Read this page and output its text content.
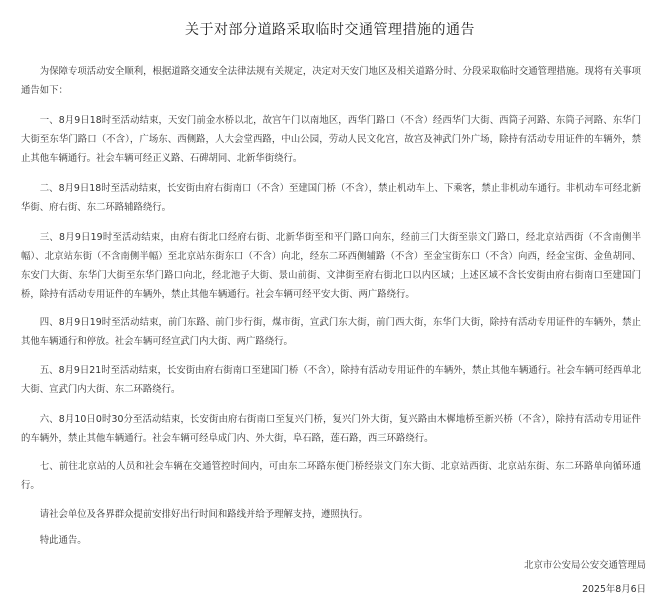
关于对部分道路采取临时交通管理措施的通告

为保障专项活动安全顺利，根据道路交通安全法律法规有关规定，决定对天安门地区及相关道路分时、分段采取临时交通管理措施。现将有关事项通告如下：

一、8月9日18时至活动结束，天安门前金水桥以北，故宫午门以南地区，西华门路口（不含）经西华门大街、西筒子河路、东筒子河路、东华门大街至东华门路口（不含），广场东、西侧路，人大会堂西路，中山公园，劳动人民文化宫，故宫及神武门外广场，除持有活动专用证件的车辆外，禁止其他车辆通行。社会车辆可经正义路、石碑胡同、北新华街绕行。

二、8月9日18时至活动结束，长安街由府右街南口（不含）至建国门桥（不含），禁止机动车上、下乘客，禁止非机动车通行。非机动车可经北新华街、府右街、东二环路辅路绕行。

三、8月9日19时至活动结束，由府右街北口经府右街、北新华街至和平门路口向东，经前三门大街至崇文门路口，经北京站西街（不含南侧半幅）、北京站东街（不含南侧半幅）至北京站东街东口（不含）向北，经东二环西侧辅路（不含）至金宝街东口（不含）向西，经金宝街、金鱼胡同、东安门大街、东华门大街至东华门路口向北，经北池子大街、景山前街、文津街至府右街北口以内区域；上述区域不含长安街由府右街南口至建国门桥，除持有活动专用证件的车辆外，禁止其他车辆通行。社会车辆可经平安大街、两广路绕行。

四、8月9日19时至活动结束，前门东路、前门步行街，煤市街，宣武门东大街，前门西大街，东华门大街，除持有活动专用证件的车辆外，禁止其他车辆通行和停放。社会车辆可经宣武门内大街、两广路绕行。

五、8月9日21时至活动结束，长安街由府右街南口至建国门桥（不含），除持有活动专用证件的车辆外，禁止其他车辆通行。社会车辆可经西单北大街、宣武门内大街、东二环路绕行。

六、8月10日0时30分至活动结束，长安街由府右街南口至复兴门桥，复兴门外大街，复兴路由木樨地桥至新兴桥（不含），除持有活动专用证件的车辆外，禁止其他车辆通行。社会车辆可经阜成门内、外大街，阜石路，莲石路，西三环路绕行。

七、前往北京站的人员和社会车辆在交通管控时间内，可由东二环路东便门桥经崇文门东大街、北京站西街、北京站东街、东二环路单向循环通行。

请社会单位及各界群众提前安排好出行时间和路线并给予理解支持，遵照执行。

特此通告。

北京市公安局公安交通管理局

2025年8月6日
